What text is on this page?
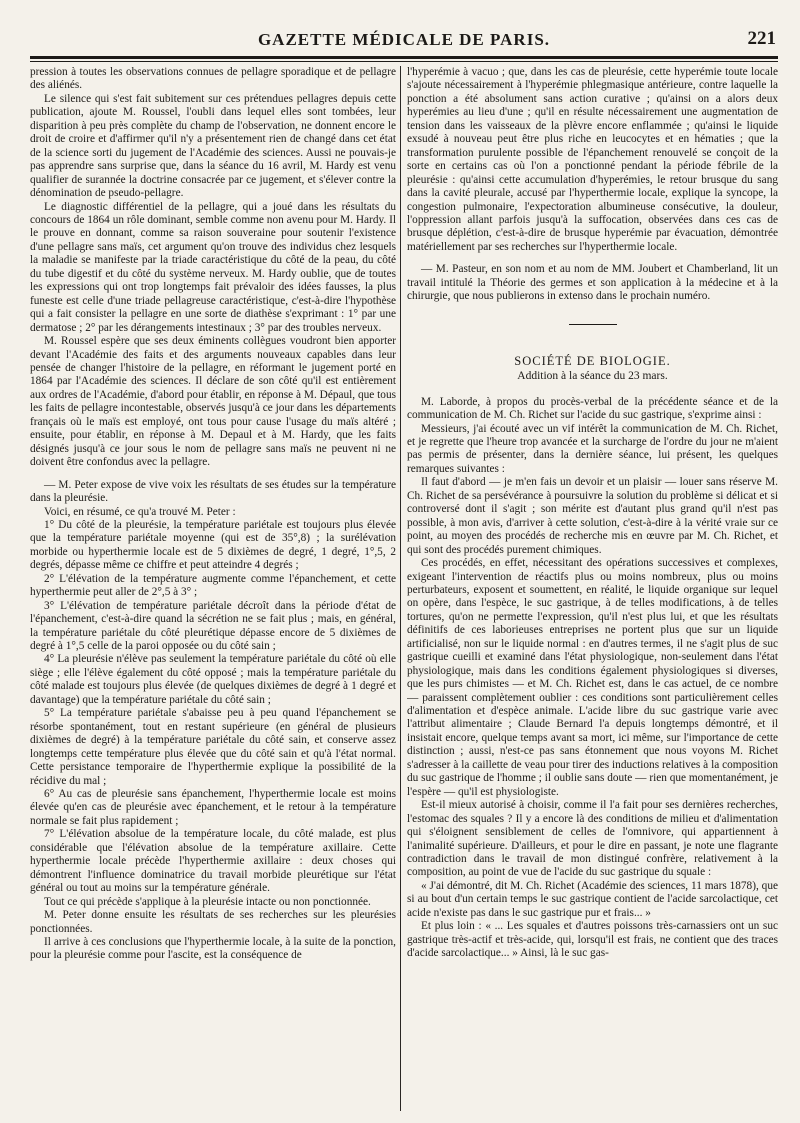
GAZETTE MÉDICALE DE PARIS.	221

pression à toutes les observations connues de pellagre sporadique et de pellagre des aliénés.

Le silence qui s'est fait subitement sur ces prétendues pellagres depuis cette publication, ajoute M. Roussel, l'oubli dans lequel elles sont tombées, leur disparition à peu près complète du champ de l'observation, ne donnent encore le droit de croire et d'affirmer qu'il n'y a présentement rien de changé dans cet état de la science sorti du jugement de l'Académie des sciences. Aussi ne pouvais-je pas apprendre sans surprise que, dans la séance du 16 avril, M. Hardy est venu qualifier de surannée la doctrine consacrée par ce jugement, et s'élever contre la dénomination de pseudo-pellagre.

Le diagnostic différentiel de la pellagre, qui a joué dans les résultats du concours de 1864 un rôle dominant, semble comme non avenu pour M. Hardy. Il le prouve en donnant, comme sa raison souveraine pour soutenir l'existence d'une pellagre sans maïs, cet argument qu'on trouve des individus chez lesquels la maladie se manifeste par la triade caractéristique du côté de la peau, du côté du tube digestif et du côté du système nerveux. M. Hardy oublie, que de toutes les expressions qui ont trop longtemps fait prévaloir des idées fausses, la plus funeste est celle d'une triade pellagreuse caractéristique, c'est-à-dire l'hypothèse qui a fait consister la pellagre en une sorte de diathèse s'exprimant : 1° par une dermatose ; 2° par les dérangements intestinaux ; 3° par des troubles nerveux.

M. Roussel espère que ses deux éminents collègues voudront bien apporter devant l'Académie des faits et des arguments nouveaux capables dans leur pensée de changer l'histoire de la pellagre, en réformant le jugement porté en 1864 par l'Académie des sciences. Il déclare de son côté qu'il est entièrement aux ordres de l'Académie, d'abord pour établir, en réponse à M. Dépaul, que tous les faits de pellagre incontestable, observés jusqu'à ce jour dans les départements français où le maïs est employé, ont tous pour cause l'usage du maïs altéré ; ensuite, pour établir, en réponse à M. Depaul et à M. Hardy, que les faits désignés jusqu'à ce jour sous le nom de pellagre sans maïs ne peuvent ni ne doivent être confondus avec la pellagre.

— M. Peter expose de vive voix les résultats de ses études sur la température dans la pleurésie.

Voici, en résumé, ce qu'a trouvé M. Peter :

1° Du côté de la pleurésie, la température pariétale est toujours plus élevée que la température pariétale moyenne (qui est de 35°,8) ; la surélévation morbide ou hyperthermie locale est de 5 dixièmes de degré, 1 degré, 1°,5, 2 degrés, dépasse même ce chiffre et peut atteindre 4 degrés ;

2° L'élévation de la température augmente comme l'épanchement, et cette hyperthermie peut aller de 2°,5 à 3° ;

3° L'élévation de température pariétale décroît dans la période d'état de l'épanchement, c'est-à-dire quand la sécrétion ne se fait plus ; mais, en général, la température pariétale du côté pleurétique dépasse encore de 5 dixièmes de degré à 1°,5 celle de la paroi opposée ou du côté sain ;

4° La pleurésie n'élève pas seulement la température pariétale du côté où elle siège ; elle l'élève également du côté opposé ; mais la température pariétale du côté malade est toujours plus élevée (de quelques dixièmes de degré à 1 degré et davantage) que la température pariétale du côté sain ;

5° La température pariétale s'abaisse peu à peu quand l'épanchement se résorbe spontanément, tout en restant supérieure (en général de plusieurs dixièmes de degré) à la température pariétale du côté sain, et conserve assez longtemps cette température plus élevée que du côté sain et qu'à l'état normal. Cette persistance temporaire de l'hyperthermie explique la possibilité de la récidive du mal ;

6° Au cas de pleurésie sans épanchement, l'hyperthermie locale est moins élevée qu'en cas de pleurésie avec épanchement, et le retour à la température normale se fait plus rapidement ;

7° L'élévation absolue de la température locale, du côté malade, est plus considérable que l'élévation absolue de la température axillaire. Cette hyperthermie locale précède l'hyperthermie axillaire : deux choses qui démontrent l'influence dominatrice du travail morbide pleurétique sur l'état général ou tout au moins sur la température générale.

Tout ce qui précède s'applique à la pleurésie intacte ou non ponctionnée.

M. Peter donne ensuite les résultats de ses recherches sur les pleurésies ponctionnées.

Il arrive à ces conclusions que l'hyperthermie locale, à la suite de la ponction, pour la pleurésie comme pour l'ascite, est la conséquence de

l'hyperémie à vacuo ; que, dans les cas de pleurésie, cette hyperémie toute locale s'ajoute nécessairement à l'hyperémie phlegmasique antérieure, contre laquelle la ponction a été absolument sans action curative ; qu'ainsi on a alors deux hyperémies au lieu d'une ; qu'il en résulte nécessairement une augmentation de tension dans les vaisseaux de la plèvre encore enflammée ; qu'ainsi le liquide exsudé à nouveau peut être plus riche en leucocytes et en hématies ; que la transformation purulente possible de l'épanchement renouvelé se conçoit de la sorte en certains cas où l'on a ponctionné pendant la période fébrile de la pleurésie : qu'ainsi cette accumulation d'hyperémies, le retour brusque du sang dans la cavité pleurale, accusé par l'hyperthermie locale, explique la syncope, la congestion pulmonaire, l'expectoration albumineuse consécutive, la douleur, l'oppression allant parfois jusqu'à la suffocation, observées dans ces cas de brusque déplétion, c'est-à-dire de brusque hyperémie par évacuation, démontrée matériellement par ses recherches sur l'hyperthermie locale.

— M. Pasteur, en son nom et au nom de MM. Joubert et Chamberland, lit un travail intitulé la Théorie des germes et son application à la médecine et à la chirurgie, que nous publierons in extenso dans le prochain numéro.

SOCIÉTÉ DE BIOLOGIE.
Addition à la séance du 23 mars.

M. Laborde, à propos du procès-verbal de la précédente séance et de la communication de M. Ch. Richet sur l'acide du suc gastrique, s'exprime ainsi :

Messieurs, j'ai écouté avec un vif intérêt la communication de M. Ch. Richet, et je regrette que l'heure trop avancée et la surcharge de l'ordre du jour ne m'aient pas permis de présenter, dans la dernière séance, lui présent, les quelques remarques suivantes :

Il faut d'abord — je m'en fais un devoir et un plaisir — louer sans réserve M. Ch. Richet de sa persévérance à poursuivre la solution du problème si délicat et si controversé dont il s'agit ; son mérite est d'autant plus grand qu'il n'est pas possible, à mon avis, d'arriver à cette solution, c'est-à-dire à la vérité vraie sur ce point, au moyen des procédés de recherche mis en œuvre par M. Ch. Richet, et qui sont des procédés purement chimiques.

Ces procédés, en effet, nécessitant des opérations successives et complexes, exigeant l'intervention de réactifs plus ou moins nombreux, plus ou moins perturbateurs, exposent et soumettent, en réalité, le liquide organique sur lequel on opère, dans l'espèce, le suc gastrique, à de telles modifications, à de telles tortures, qu'on ne permette l'expression, qu'il n'est plus lui, et que les résultats définitifs de ces laborieuses entreprises ne portent plus que sur un liquide artificialisé, non sur le liquide normal : en d'autres termes, il ne s'agit plus de suc gastrique cueilli et examiné dans l'état physiologique, non-seulement dans l'état physiologique, mais dans les conditions également physiologiques si diverses, que les purs chimistes — et M. Ch. Richet est, dans le cas actuel, de ce nombre — paraissent complètement oublier : ces conditions sont particulièrement celles d'alimentation et d'espèce animale. L'acide libre du suc gastrique varie avec l'attribut alimentaire ; Claude Bernard l'a depuis longtemps démontré, et il insistait encore, quelque temps avant sa mort, ici même, sur l'importance de cette distinction ; aussi, n'est-ce pas sans étonnement que nous voyons M. Richet s'adresser à la caillette de veau pour tirer des inductions relatives à la composition du suc gastrique de l'homme ; il oublie sans doute — rien que momentanément, je l'espère — qu'il est physiologiste.

Est-il mieux autorisé à choisir, comme il l'a fait pour ses dernières recherches, l'estomac des squales ? Il y a encore là des conditions de milieu et d'alimentation qui s'éloignent sensiblement de celles de l'omnivore, qui appartiennent à l'animalité supérieure. D'ailleurs, et pour le dire en passant, je note une flagrante contradiction dans le travail de mon distingué confrère, relativement à la composition, au point de vue de l'acide du suc gastrique du squale :

« J'ai démontré, dit M. Ch. Richet (Académie des sciences, 11 mars 1878), que si au bout d'un certain temps le suc gastrique contient de l'acide sarcolactique, cet acide n'existe pas dans le suc gastrique pur et frais... »

Et plus loin : « ... Les squales et d'autres poissons très-carnassiers ont un suc gastrique très-actif et très-acide, qui, lorsqu'il est frais, ne contient que des traces d'acide sarcolactique... » Ainsi, là le suc gas-
